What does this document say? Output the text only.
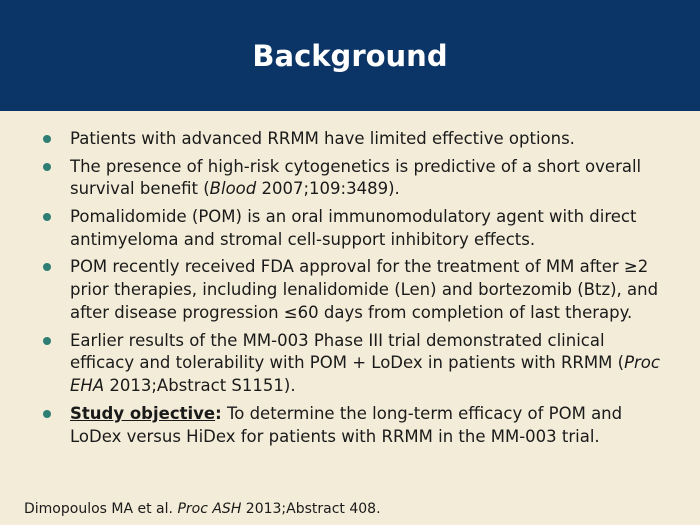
Background
Patients with advanced RRMM have limited effective options.
The presence of high-risk cytogenetics is predictive of a short overall survival benefit (Blood 2007;109:3489).
Pomalidomide (POM) is an oral immunomodulatory agent with direct antimyeloma and stromal cell-support inhibitory effects.
POM recently received FDA approval for the treatment of MM after ≥2 prior therapies, including lenalidomide (Len) and bortezomib (Btz), and after disease progression ≤60 days from completion of last therapy.
Earlier results of the MM-003 Phase III trial demonstrated clinical efficacy and tolerability with POM + LoDex in patients with RRMM (Proc EHA 2013;Abstract S1151).
Study objective: To determine the long-term efficacy of POM and LoDex versus HiDex for patients with RRMM in the MM-003 trial.
Dimopoulos MA et al. Proc ASH 2013;Abstract 408.
